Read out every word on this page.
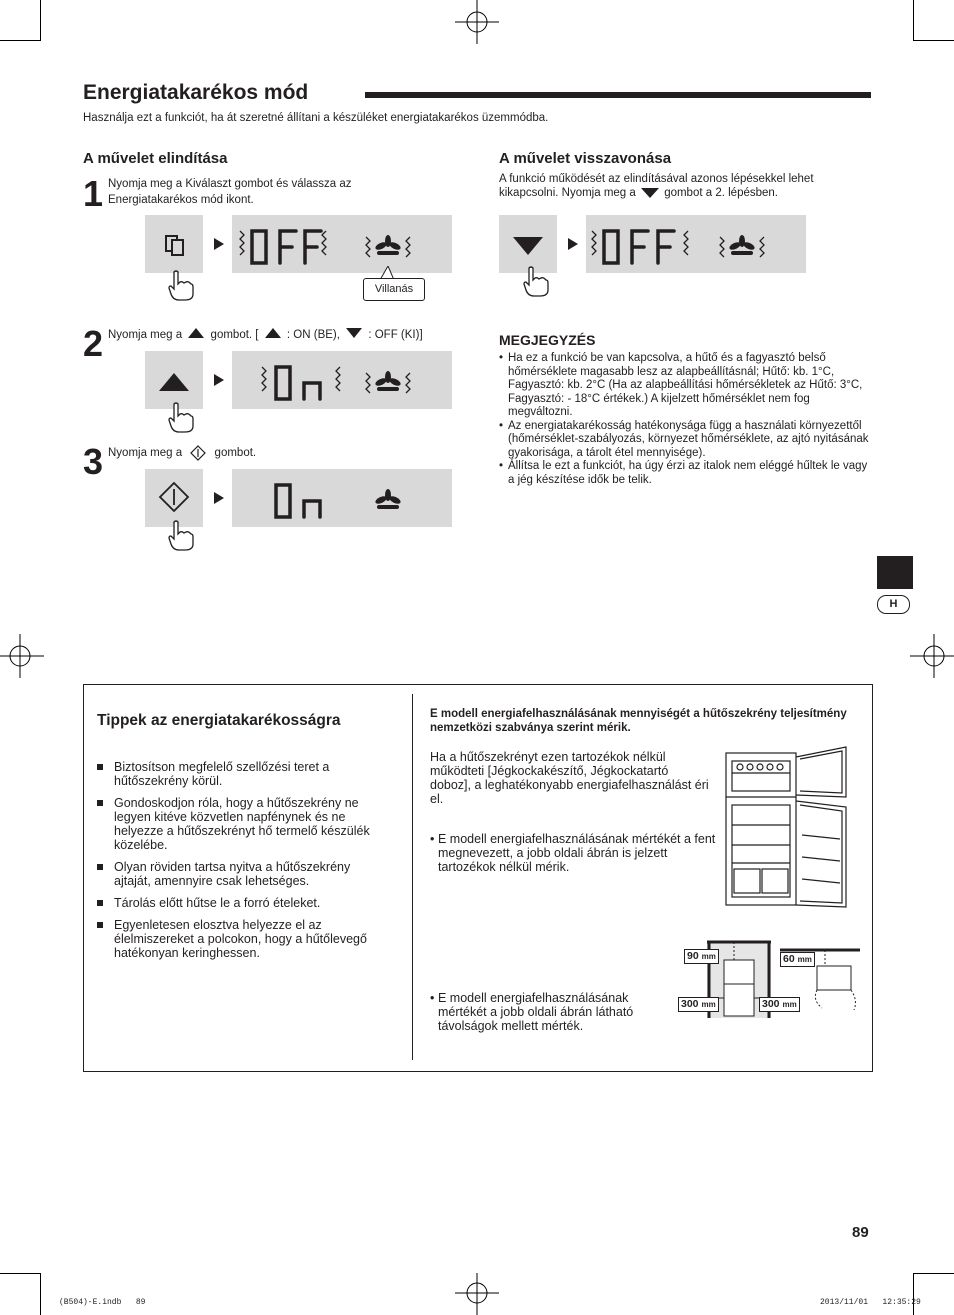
Energiatakarékos mód
Használja ezt a funkciót, ha át szeretné állítani a készüléket energiatakarékos üzemmódba.
H
A művelet elindítása
1 Nyomja meg a Kiválaszt gombot és válassza az Energiatakarékos mód ikont.
Villanás
2 Nyomja meg a gombot. [ : ON (BE), : OFF (KI)]
3 Nyomja meg a	gombot.
A művelet visszavonása
A funkció működését az elindításával azonos lépésekkel lehet kikapcsolni. Nyomja meg a gombot a 2. lépésben.
MEGJEGYZÉS
• Ha ez a funkció be van kapcsolva, a hűtő és a fagyasztó belső hőmérséklete magasabb lesz az alapbeállításnál; Hűtő: kb. 1°C, Fagyasztó: kb. 2°C (Ha az alapbeállítási hőmérsékletek az Hűtő: 3°C, Fagyasztó: - 18°C értékek.) A kijelzett hőmérséklet nem fog megváltozni.
• Az energiatakarékosság hatékonysága függ a használati környezettől (hőmérséklet-szabályozás, környezet hőmérséklete, az ajtó nyitásának gyakorisága, a tárolt étel mennyisége).
• Állítsa le ezt a funkciót, ha úgy érzi az italok nem eléggé hűltek le vagy a jég készítése idők be telik.
Tippek az energiatakarékosságra
Biztosítson megfelelő szellőzési teret a hűtőszekrény körül.
Gondoskodjon róla, hogy a hűtőszekrény ne legyen kitéve közvetlen napfénynek és ne helyezze a hűtőszekrényt hő termelő készülék közelébe.
Olyan röviden tartsa nyitva a hűtőszekrény ajtaját, amennyire csak lehetséges.
Tárolás előtt hűtse le a forró ételeket.
Egyenletesen elosztva helyezze el az élelmiszereket a polcokon, hogy a hűtőlevegő hatékonyan keringhessen.
E modell energiafelhasználásának mennyiségét a hűtőszekrény teljesítmény nemzetközi szabványa szerint mérik.
Ha a hűtőszekrényt ezen tartozékok nélkül működteti [Jégkockakészítő, Jégkockatartó doboz], a leghatékonyabb energiafelhasználást éri el.
• E modell energiafelhasználásának mértékét a fent megnevezett, a jobb oldali ábrán is jelzett tartozékok nélkül mérik.
• E modell energiafelhasználásának mértékét a jobb oldali ábrán látható távolságok mellett mérték.
90 mm	60 mm
300 mm	300 mm
89
(B504)-E.indb   89	2013/11/01   12:35:29
